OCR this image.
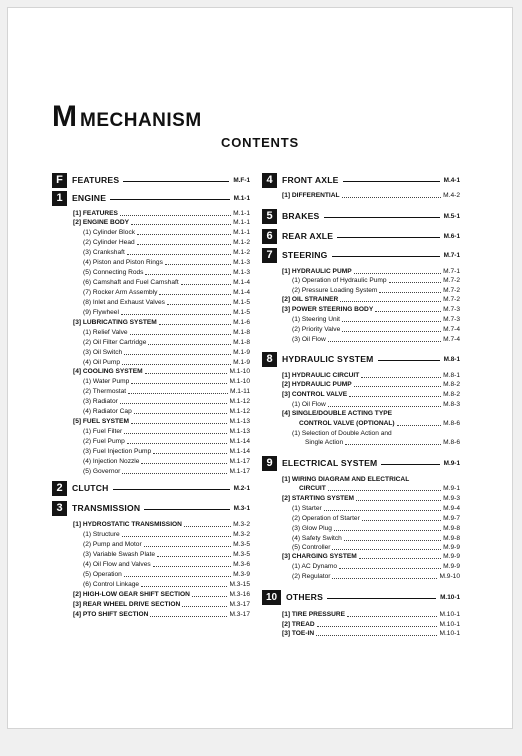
MMECHANISM
CONTENTS
F	FEATURES	M.F-1
1	ENGINE	M.1-1
[1] FEATURES	M.1-1
[2] ENGINE BODY	M.1-1
(1) Cylinder Block	M.1-1
(2) Cylinder Head	M.1-2
(3) Crankshaft	M.1-2
(4) Piston and Piston Rings	M.1-3
(5) Connecting Rods	M.1-3
(6) Camshaft and Fuel Camshaft	M.1-4
(7) Rocker Arm Assembly	M.1-4
(8) Inlet and Exhaust Valves	M.1-5
(9) Flywheel	M.1-5
[3] LUBRICATING SYSTEM	M.1-6
(1) Relief Valve	M.1-8
(2) Oil Filter Cartridge	M.1-8
(3) Oil Switch	M.1-9
(4) Oil Pump	M.1-9
[4] COOLING SYSTEM	M.1-10
(1) Water Pump	M.1-10
(2) Thermostat	M.1-11
(3) Radiator	M.1-12
(4) Radiator Cap	M.1-12
[5] FUEL SYSTEM	M.1-13
(1) Fuel Filter	M.1-13
(2) Fuel Pump	M.1-14
(3) Fuel Injection Pump	M.1-14
(4) Injection Nozzle	M.1-17
(5) Governor	M.1-17
2	CLUTCH	M.2-1
3	TRANSMISSION	M.3-1
[1] HYDROSTATIC TRANSMISSION	M.3-2
(1) Structure	M.3-2
(2) Pump and Motor	M.3-5
(3) Variable Swash Plate	M.3-5
(4) Oil Flow and Valves	M.3-6
(5) Operation	M.3-9
(6) Control Linkage	M.3-15
[2] HIGH-LOW GEAR SHIFT SECTION	M.3-16
[3] REAR WHEEL DRIVE SECTION	M.3-17
[4] PTO SHIFT SECTION	M.3-17
4	FRONT AXLE	M.4-1
[1] DIFFERENTIAL	M.4-2
5	BRAKES	M.5-1
6	REAR AXLE	M.6-1
7	STEERING	M.7-1
[1] HYDRAULIC PUMP	M.7-1
(1) Operation of Hydraulic Pump	M.7-2
(2) Pressure Loading System	M.7-2
[2] OIL STRAINER	M.7-2
[3] POWER STEERING BODY	M.7-3
(1) Steering Unit	M.7-3
(2) Priority Valve	M.7-4
(3) Oil Flow	M.7-4
8	HYDRAULIC SYSTEM	M.8-1
[1] HYDRAULIC CIRCUIT	M.8-1
[2] HYDRAULIC PUMP	M.8-2
[3] CONTROL VALVE	M.8-2
(1) Oil Flow	M.8-3
[4] SINGLE/DOUBLE ACTING TYPE
CONTROL VALVE (OPTIONAL)	M.8-6
(1) Selection of Double Action and
Single Action	M.8-6
9	ELECTRICAL SYSTEM	M.9-1
[1] WIRING DIAGRAM AND ELECTRICAL
CIRCUIT	M.9-1
[2] STARTING SYSTEM	M.9-3
(1) Starter	M.9-4
(2) Operation of Starter	M.9-7
(3) Glow Plug	M.9-8
(4) Safety Switch	M.9-8
(5) Controller	M.9-9
[3] CHARGING SYSTEM	M.9-9
(1) AC Dynamo	M.9-9
(2) Regulator	M.9-10
10	OTHERS	M.10-1
[1] TIRE PRESSURE	M.10-1
[2] TREAD	M.10-1
[3] TOE-IN	M.10-1
